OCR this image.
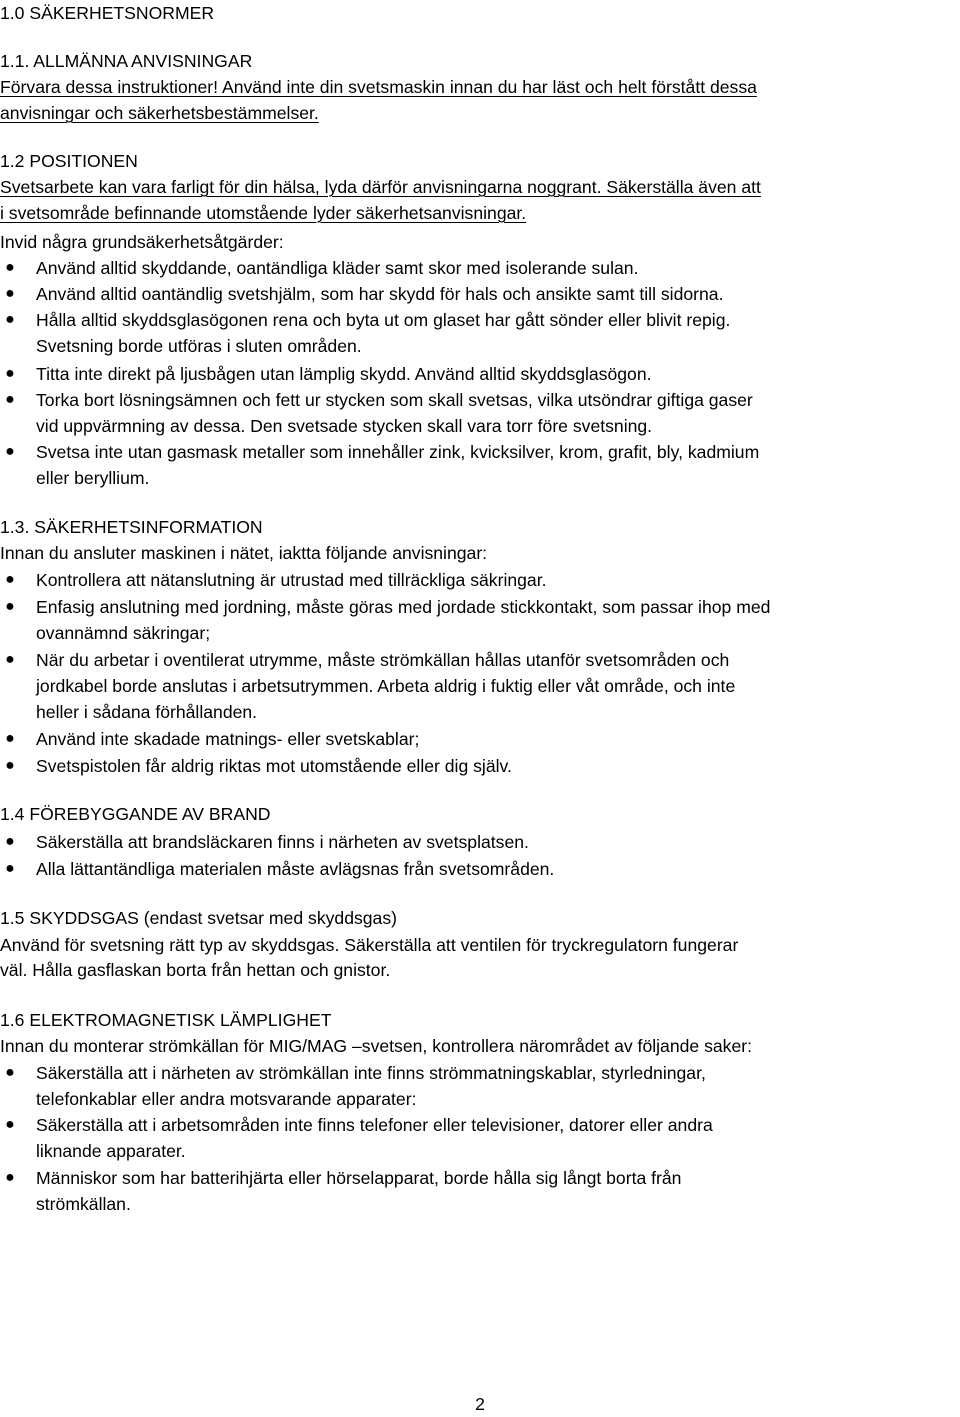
1.0 SÄKERHETSNORMER
1.1. ALLMÄNNA ANVISNINGAR
Förvara dessa instruktioner! Använd inte din svetsmaskin innan du har läst och helt förstått dessa
anvisningar och säkerhetsbestämmelser.
1.2 POSITIONEN
Svetsarbete kan vara farligt för din hälsa, lyda därför anvisningarna noggrant. Säkerställa även att
i svetsområde befinnande utomstående lyder säkerhetsanvisningar.
Invid några grundsäkerhetsåtgärder:
● Använd alltid skyddande, oantändliga kläder samt skor med isolerande sulan.
● Använd alltid oantändlig svetshjälm, som har skydd för hals och ansikte samt till sidorna.
● Hålla alltid skyddsglasögonen rena och byta ut om glaset har gått sönder eller blivit repig.
Svetsning borde utföras i sluten områden.
● Titta inte direkt på ljusbågen utan lämplig skydd. Använd alltid skyddsglasögon.
● Torka bort lösningsämnen och fett ur stycken som skall svetsas, vilka utsöndrar giftiga gaser
vid uppvärmning av dessa. Den svetsade stycken skall vara torr före svetsning.
● Svetsa inte utan gasmask metaller som innehåller zink, kvicksilver, krom, grafit, bly, kadmium
eller beryllium.
1.3. SÄKERHETSINFORMATION
Innan du ansluter maskinen i nätet, iaktta följande anvisningar:
● Kontrollera att nätanslutning är utrustad med tillräckliga säkringar.
● Enfasig anslutning med jordning, måste göras med jordade stickkontakt, som passar ihop med
ovannämnd säkringar;
● När du arbetar i oventilerat utrymme, måste strömkällan hållas utanför svetsområden och
jordkabel borde anslutas i arbetsutrymmen. Arbeta aldrig i fuktig eller våt område, och inte
heller i sådana förhållanden.
● Använd inte skadade matnings- eller svetskablar;
● Svetspistolen får aldrig riktas mot utomstående eller dig själv.
1.4 FÖREBYGGANDE AV BRAND
● Säkerställa att brandsläckaren finns i närheten av svetsplatsen.
● Alla lättantändliga materialen måste avlägsnas från svetsområden.
1.5 SKYDDSGAS (endast svetsar med skyddsgas)
Använd för svetsning rätt typ av skyddsgas. Säkerställa att ventilen för tryckregulatorn fungerar
väl. Hålla gasflaskan borta från hettan och gnistor.
1.6 ELEKTROMAGNETISK LÄMPLIGHET
Innan du monterar strömkällan för MIG/MAG –svetsen, kontrollera närområdet av följande saker:
● Säkerställa att i närheten av strömkällan inte finns strömmatningskablar, styrledningar,
telefonkablar eller andra motsvarande apparater:
● Säkerställa att i arbetsområden inte finns telefoner eller televisioner, datorer eller andra
liknande apparater.
● Människor som har batterihjärta eller hörselapparat, borde hålla sig långt borta från
strömkällan.
2
